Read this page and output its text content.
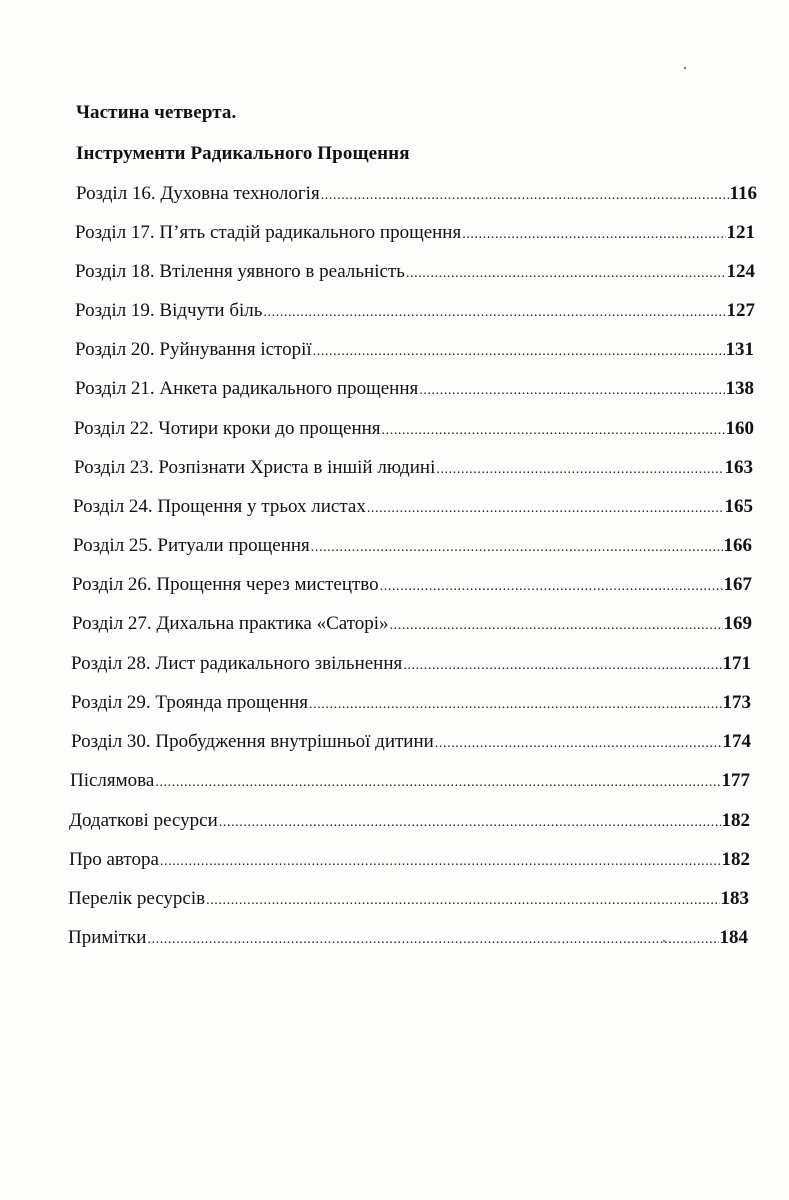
Частина четверта.
Інструменти Радикального Прощення
Розділ 16. Духовна технологія .....	116
Розділ 17. П’ять стадій радикального прощення .....	121
Розділ 18. Втілення уявного в реальність .....	124
Розділ 19. Відчути біль .....	127
Розділ 20. Руйнування історії .....	131
Розділ 21. Анкета радикального прощення .....	138
Розділ 22. Чотири кроки до прощення .....	160
Розділ 23. Розпізнати Христа в іншій людині .....	163
Розділ 24. Прощення у трьох листах .....	165
Розділ 25. Ритуали прощення .....	166
Розділ 26. Прощення через мистецтво .....	167
Розділ 27. Дихальна практика «Саторі» .....	169
Розділ 28. Лист радикального звільнення .....	171
Розділ 29. Троянда прощення .....	173
Розділ 30. Пробудження внутрішньої дитини .....	174
Післямова .....	177
Додаткові ресурси .....	182
Про автора .....	182
Перелік ресурсів .....	183
Примітки .....	184
